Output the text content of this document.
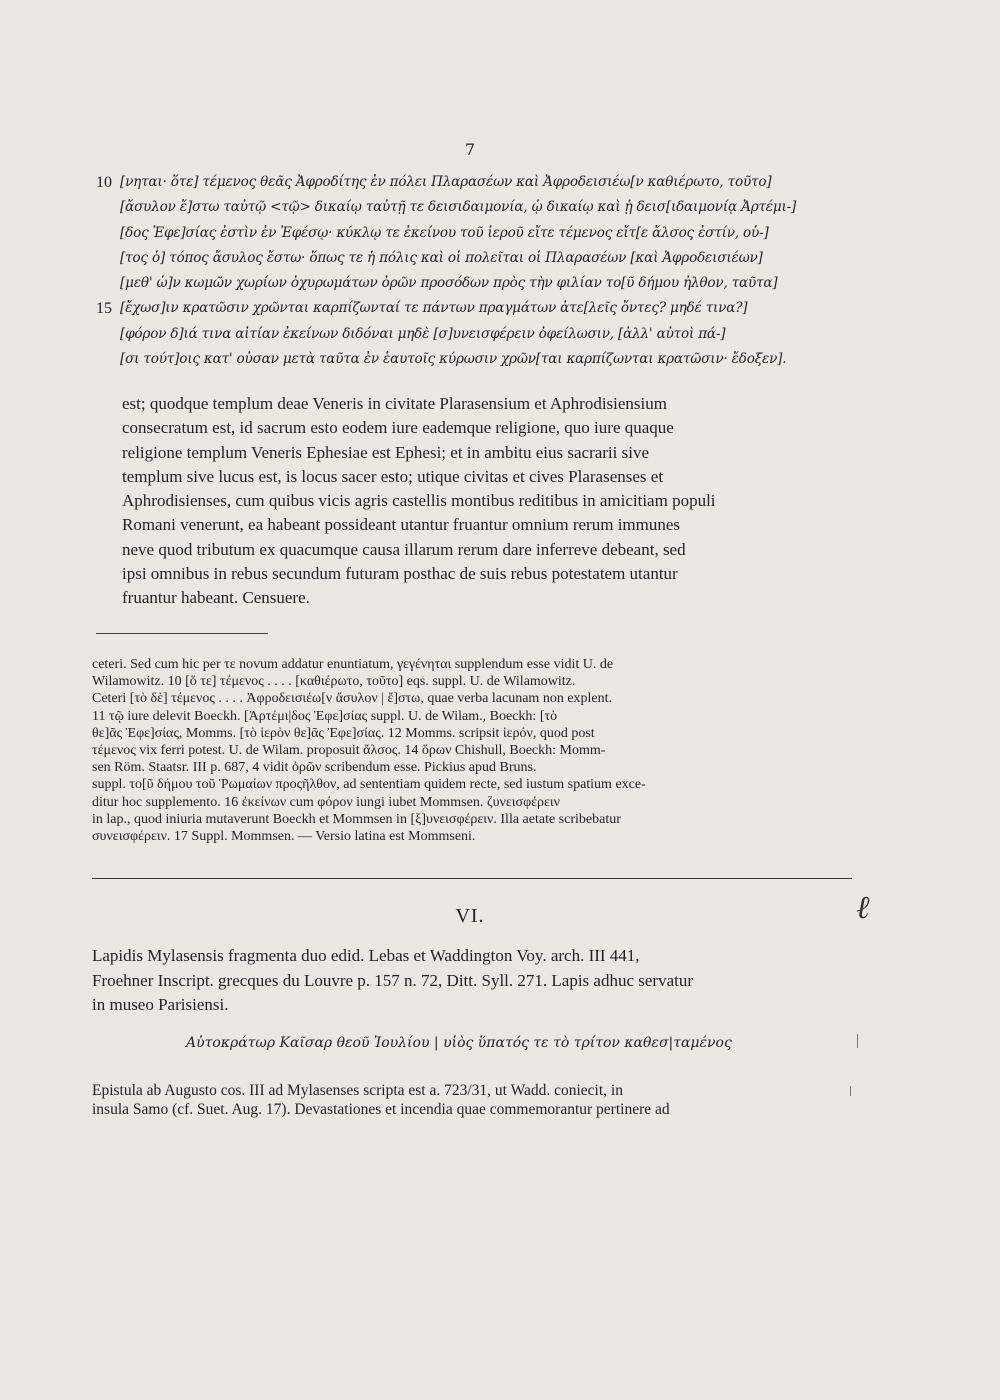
7
10 [νηται· ὅτε] τέμενος θεᾶς Ἀφροδίτης ἐν πόλει Πλαρασέων καὶ Ἀφροδεισιέω[ν καθιέρωτο, τοῦτο]
[ἄσυλον ἔ]στω ταὐτῷ <τῷ> δικαίῳ ταὐτῇ τε δεισιδαιμονία, ᾧ δικαίῳ καὶ ᾗ δεισ[ιδαιμονίᾳ Ἀρτέμι-]
[δος Ἐφε]σίας ἐστὶν ἐν Ἐφέσῳ· κύκλῳ τε ἐκείνου τοῦ ἱεροῦ εἴτε τέμενος εἴτ[ε ἄλσος ἐστίν, οὗ-]
[τος ὁ] τόπος ἄσυλος ἔστω· ὅπως τε ἡ πόλις καὶ οἱ πολεῖται οἱ Πλαρασέων [καὶ Ἀφροδεισιέων]
[μεθ' ὧ]ν κωμῶν χωρίων ὀχυρωμάτων ὀρῶν προσόδων πρὸς τὴν φιλίαν το[ῦ δήμου ἦλθον, ταῦτα]
15 [ἔχωσ]ιν κρατῶσιν χρῶνται καρπίζωνταί τε πάντων πραγμάτων ἀτε[λεῖς ὄντες? μηδέ τινα?]
[φόρον δ]ιά τινα αἰτίαν ἐκείνων διδόναι μηδὲ [σ]υνεισφέρειν ὀφείλωσιν, [ἀλλ' αὐτοὶ πά-]
[σι τούτ]οις κατ' οὐσαν μετὰ ταῦτα ἐν ἑαυτοῖς κύρωσιν χρῶν[ται καρπίζωνται κρατῶσιν· ἔδοξεν].
est; quodque templum deae Veneris in civitate Plarasensium et Aphrodisiensium
consecratum est, id sacrum esto eodem iure eademque religione, quo iure quaque
religione templum Veneris Ephesiae est Ephesi; et in ambitu eius sacrarii sive
templum sive lucus est, is locus sacer esto; utique civitas et cives Plarasenses et
Aphrodisienses, cum quibus vicis agris castellis montibus reditibus in amicitiam populi
Romani venerunt, ea habeant possideant utantur fruantur omnium rerum immunes
neve quod tributum ex quacumque causa illarum rerum dare inferreve debeant, sed
ipsi omnibus in rebus secundum futuram posthac de suis rebus potestatem utantur
fruantur habeant. Censuere.
ceteri. Sed cum hic per τε novum addatur enuntiatum, γεγένηται supplendum esse vidit U. de
Wilamowitz. 10 [ὅ τε] τέμενος . . . . [καθιέρωτο, τοῦτο] eqs. suppl. U. de Wilamowitz.
Ceteri [τὸ δὲ] τέμενος . . . . Ἀφροδεισιέω[ν ἄσυλον | ἔ]στω, quae verba lacunam non explent.
11 τῷ iure delevit Boeckh. [Ἀρτέμι|δος Ἐφε]σίας suppl. U. de Wilam., Boeckh: [τὸ
θε]ᾶς Ἐφε]σίας, Momms. [τὸ ἱερὸν θε]ᾶς Ἐφε]σίας. 12 Momms. scripsit ἱερόν, quod post
τέμενος vix ferri potest. U. de Wilam. proposuit ἄλσος. 14 ὅρων Chishull, Boeckh: Momm-
sen Röm. Staatsr. III p. 687, 4 vidit ὀρῶν scribendum esse. Pickius apud Bruns.
suppl. το[ῦ δήμου τοῦ Ῥωμαίων προςῆλθον, ad sententiam quidem recte, sed iustum spatium exce-
ditur hoc supplemento. 16 ἐκείνων cum φόρον iungi iubet Mommsen. ζυνεισφέρειν
in lap., quod iniuria mutaverunt Boeckh et Mommsen in [ξ]υνεισφέρειν. Illa aetate scribebatur
συνεισφέρειν. 17 Suppl. Mommsen. — Versio latina est Mommseni.
VI.	ℓ
Lapidis Mylasensis fragmenta duo edid. Lebas et Waddington Voy. arch. III 441,
Froehner Inscript. grecques du Louvre p. 157 n. 72, Ditt. Syll. 271. Lapis adhuc servatur
in museo Parisiensi.
Αὐτοκράτωρ Καῖσαρ θεοῦ Ἰουλίου | υἱὸς ὕπατός τε τὸ τρίτον καθεσ|ταμένος
Epistula ab Augusto cos. III ad Mylasenses scripta est a. 723/31, ut Wadd. coniecit, in
insula Samo (cf. Suet. Aug. 17). Devastationes et incendia quae commemorantur pertinere ad
